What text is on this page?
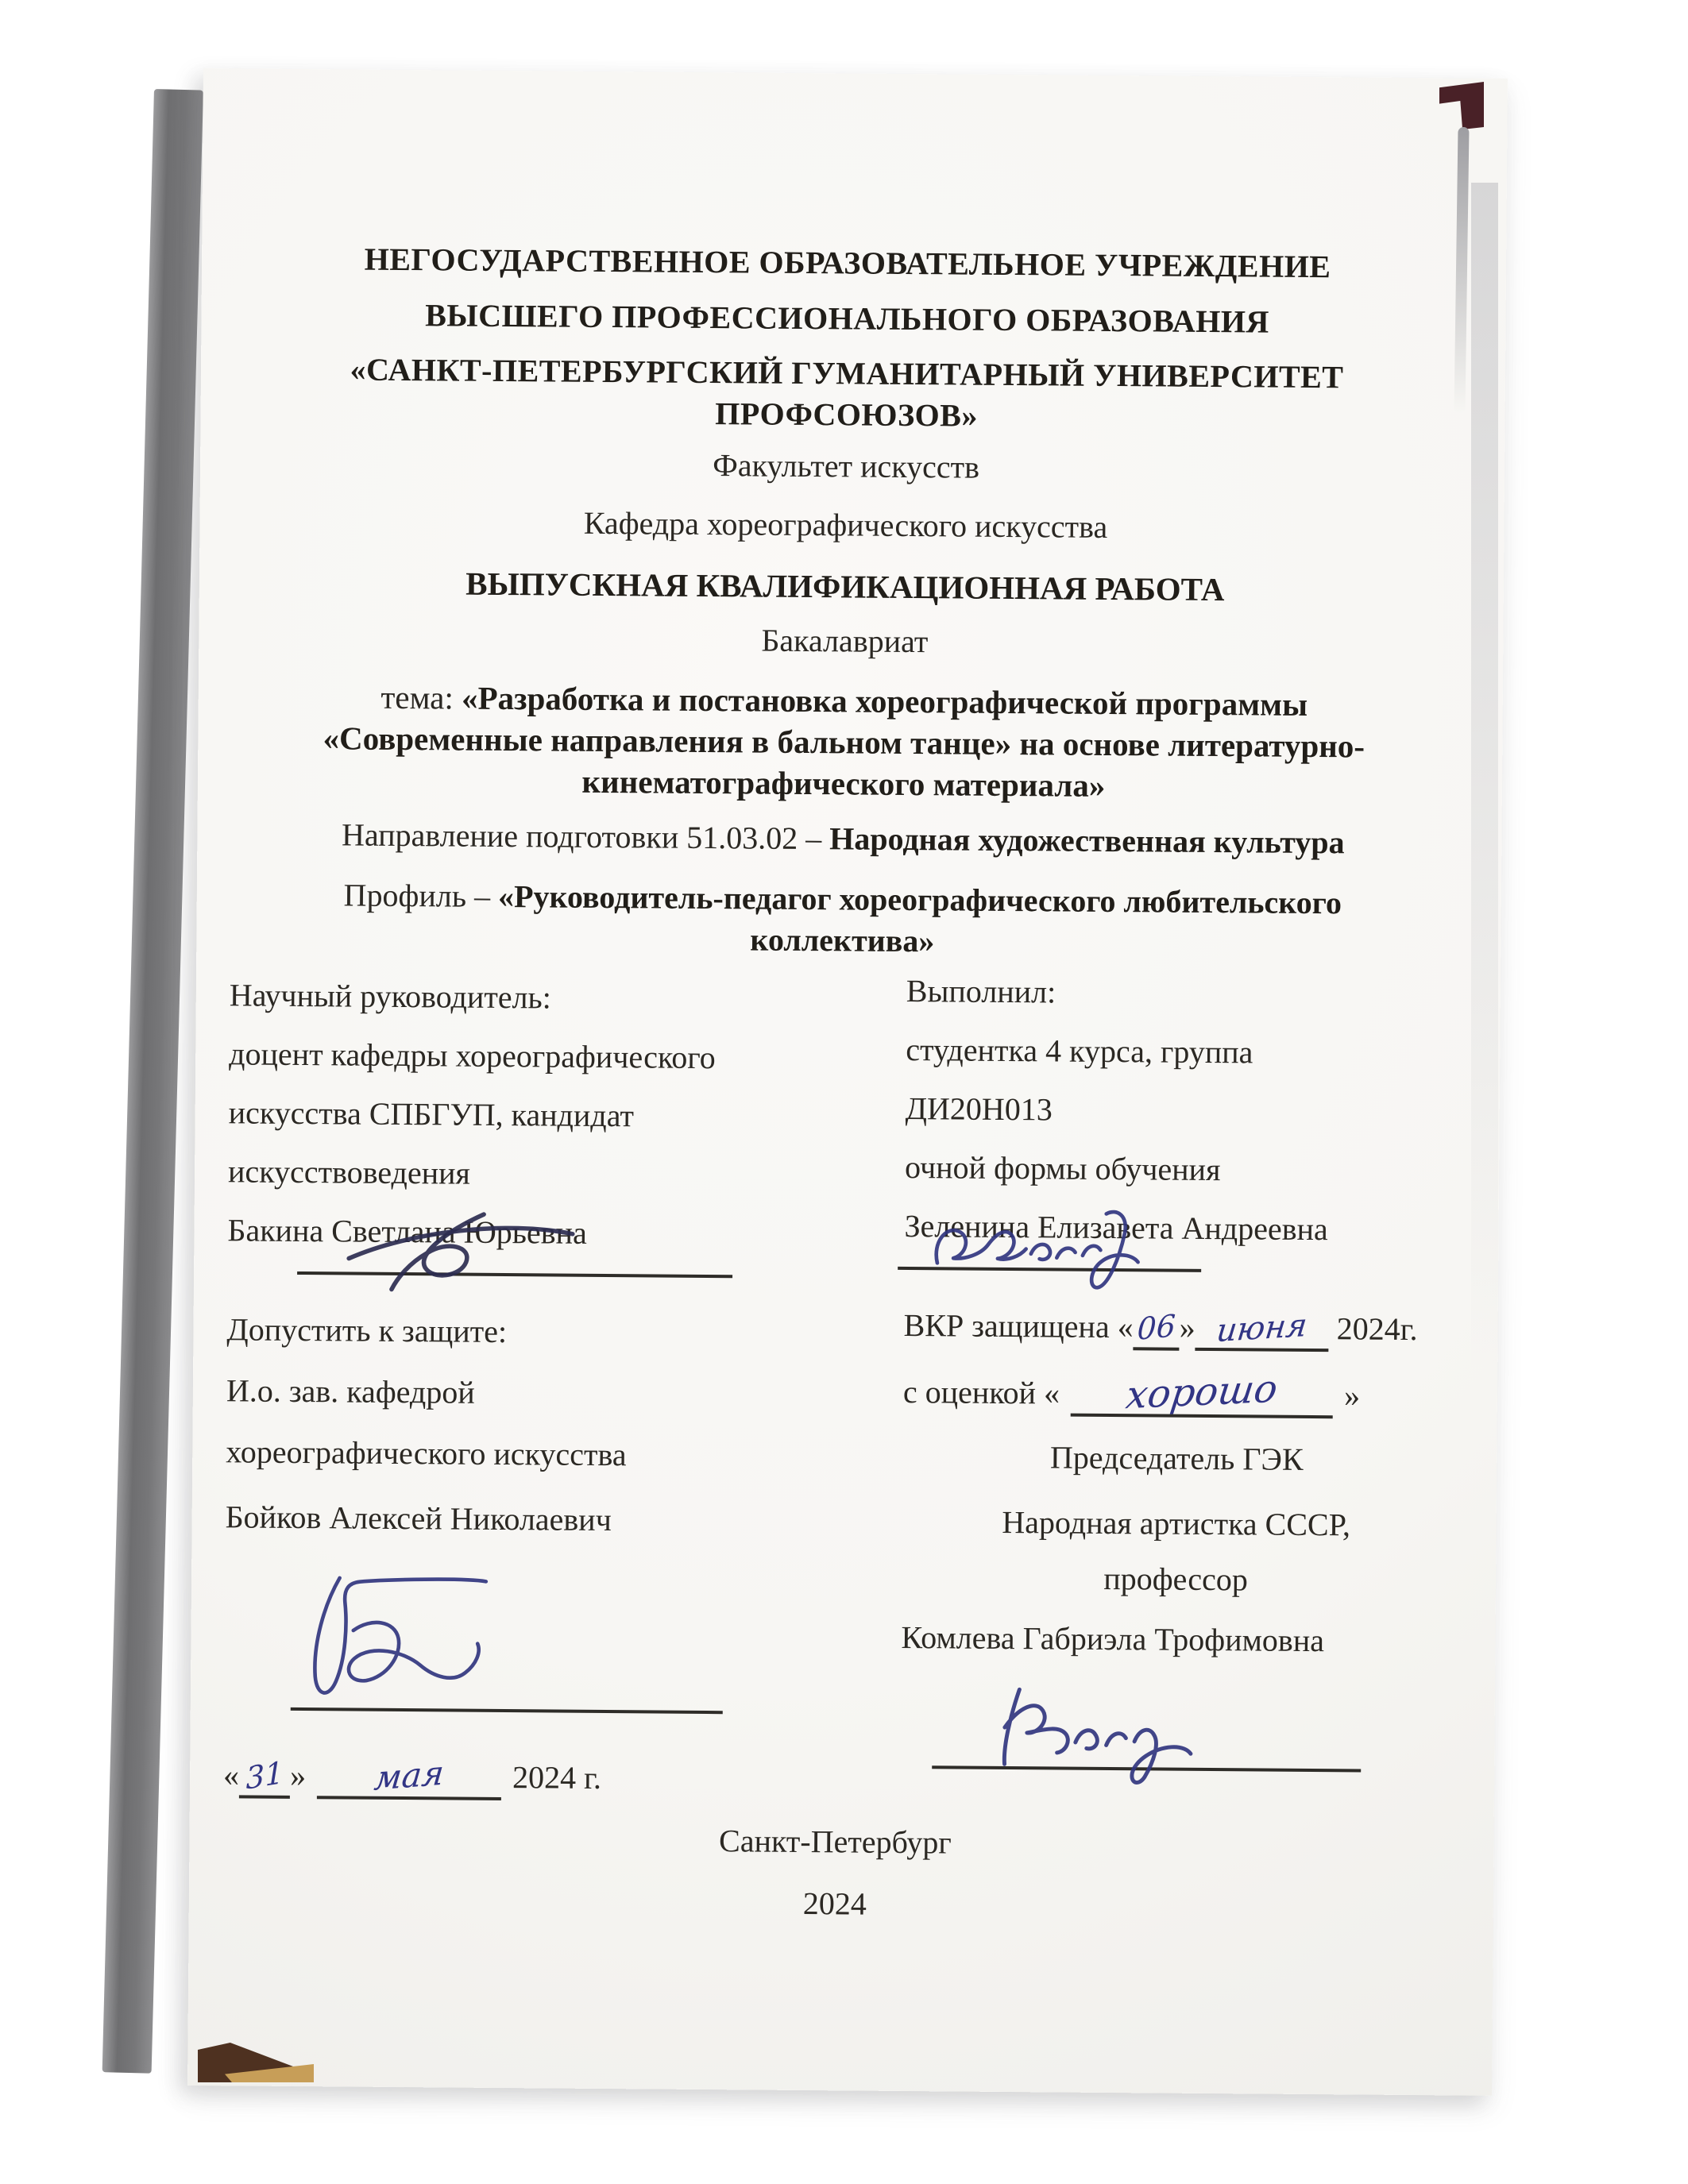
НЕГОСУДАРСТВЕННОЕ ОБРАЗОВАТЕЛЬНОЕ УЧРЕЖДЕНИЕ
ВЫСШЕГО ПРОФЕССИОНАЛЬНОГО ОБРАЗОВАНИЯ
«САНКТ-ПЕТЕРБУРГСКИЙ ГУМАНИТАРНЫЙ УНИВЕРСИТЕТ ПРОФСОЮЗОВ»
Факультет искусств
Кафедра хореографического искусства
ВЫПУСКНАЯ КВАЛИФИКАЦИОННАЯ РАБОТА
Бакалавриат
тема: «Разработка и постановка хореографической программы
«Современные направления в бальном танце» на основе литературно-
кинематографического материала»
Направление подготовки 51.03.02 – Народная художественная культура
Профиль – «Руководитель-педагог хореографического любительского
коллектива»
Научный руководитель:
доцент кафедры хореографического
искусства СПБГУП, кандидат
искусствоведения
Бакина Светлана Юрьевна
Допустить к защите:
И.о. зав. кафедрой
хореографического искусства
Бойков Алексей Николаевич
« 31 » мая 2024 г.
Выполнил:
студентка 4 курса, группа
ДИ20Н013
очной формы обучения
Зеленина Елизавета Андреевна
ВКР защищена «06» июня 2024г.
с оценкой « хорошо »
Председатель ГЭК
Народная артистка СССР,
профессор
Комлева Габриэла Трофимовна
Санкт-Петербург
2024
